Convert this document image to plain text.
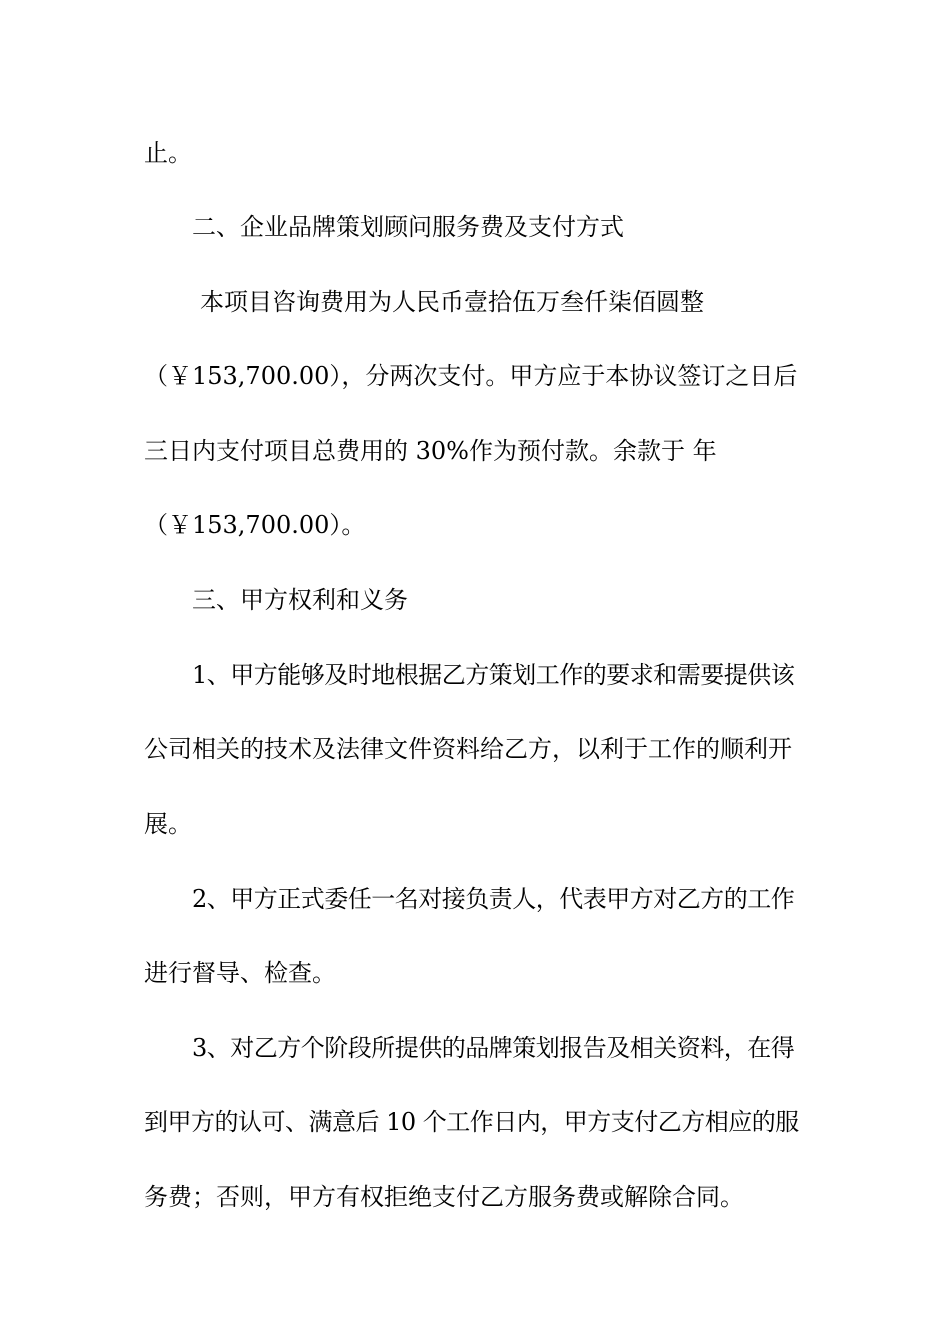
止。
二、企业品牌策划顾问服务费及支付方式
本项目咨询费用为人民币壹拾伍万叁仟柒佰圆整
（￥153,700.00），分两次支付。甲方应于本协议签订之日后
三日内支付项目总费用的 30%作为预付款。余款于 年
（￥153,700.00）。
三、甲方权利和义务
1、甲方能够及时地根据乙方策划工作的要求和需要提供该
公司相关的技术及法律文件资料给乙方，以利于工作的顺利开
展。
2、甲方正式委任一名对接负责人，代表甲方对乙方的工作
进行督导、检查。
3、对乙方个阶段所提供的品牌策划报告及相关资料，在得
到甲方的认可、满意后 10 个工作日内，甲方支付乙方相应的服
务费；否则，甲方有权拒绝支付乙方服务费或解除合同。
